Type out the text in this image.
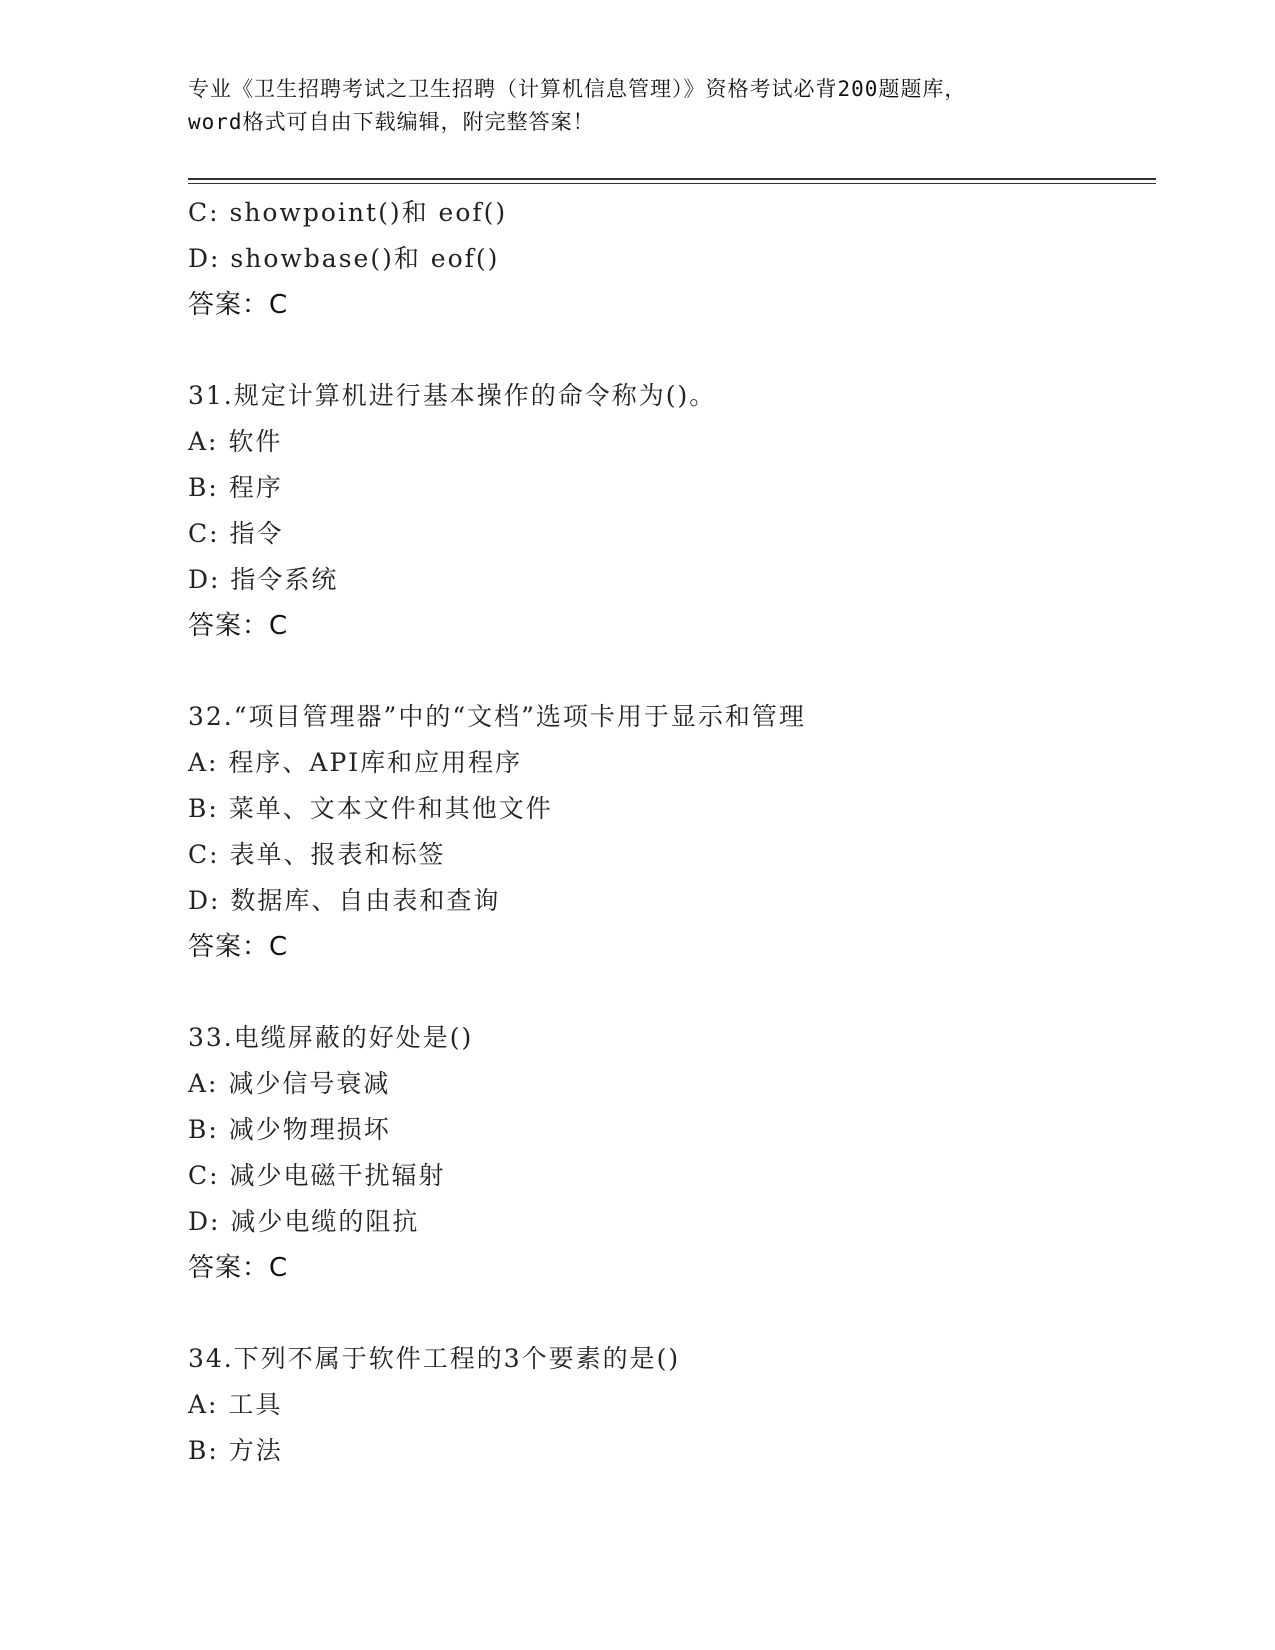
专业《卫生招聘考试之卫生招聘（计算机信息管理）》资格考试必背200题题库，
word格式可自由下载编辑，附完整答案！
C: showpoint()和 eof()
D: showbase()和 eof()
答案：C
31.规定计算机进行基本操作的命令称为()。
A: 软件
B: 程序
C: 指令
D: 指令系统
答案：C
32.“项目管理器”中的“文档”选项卡用于显示和管理
A: 程序、API库和应用程序
B: 菜单、文本文件和其他文件
C: 表单、报表和标签
D: 数据库、自由表和查询
答案：C
33.电缆屏蔽的好处是()
A: 减少信号衰减
B: 减少物理损坏
C: 减少电磁干扰辐射
D: 减少电缆的阻抗
答案：C
34.下列不属于软件工程的3个要素的是()
A: 工具
B: 方法
